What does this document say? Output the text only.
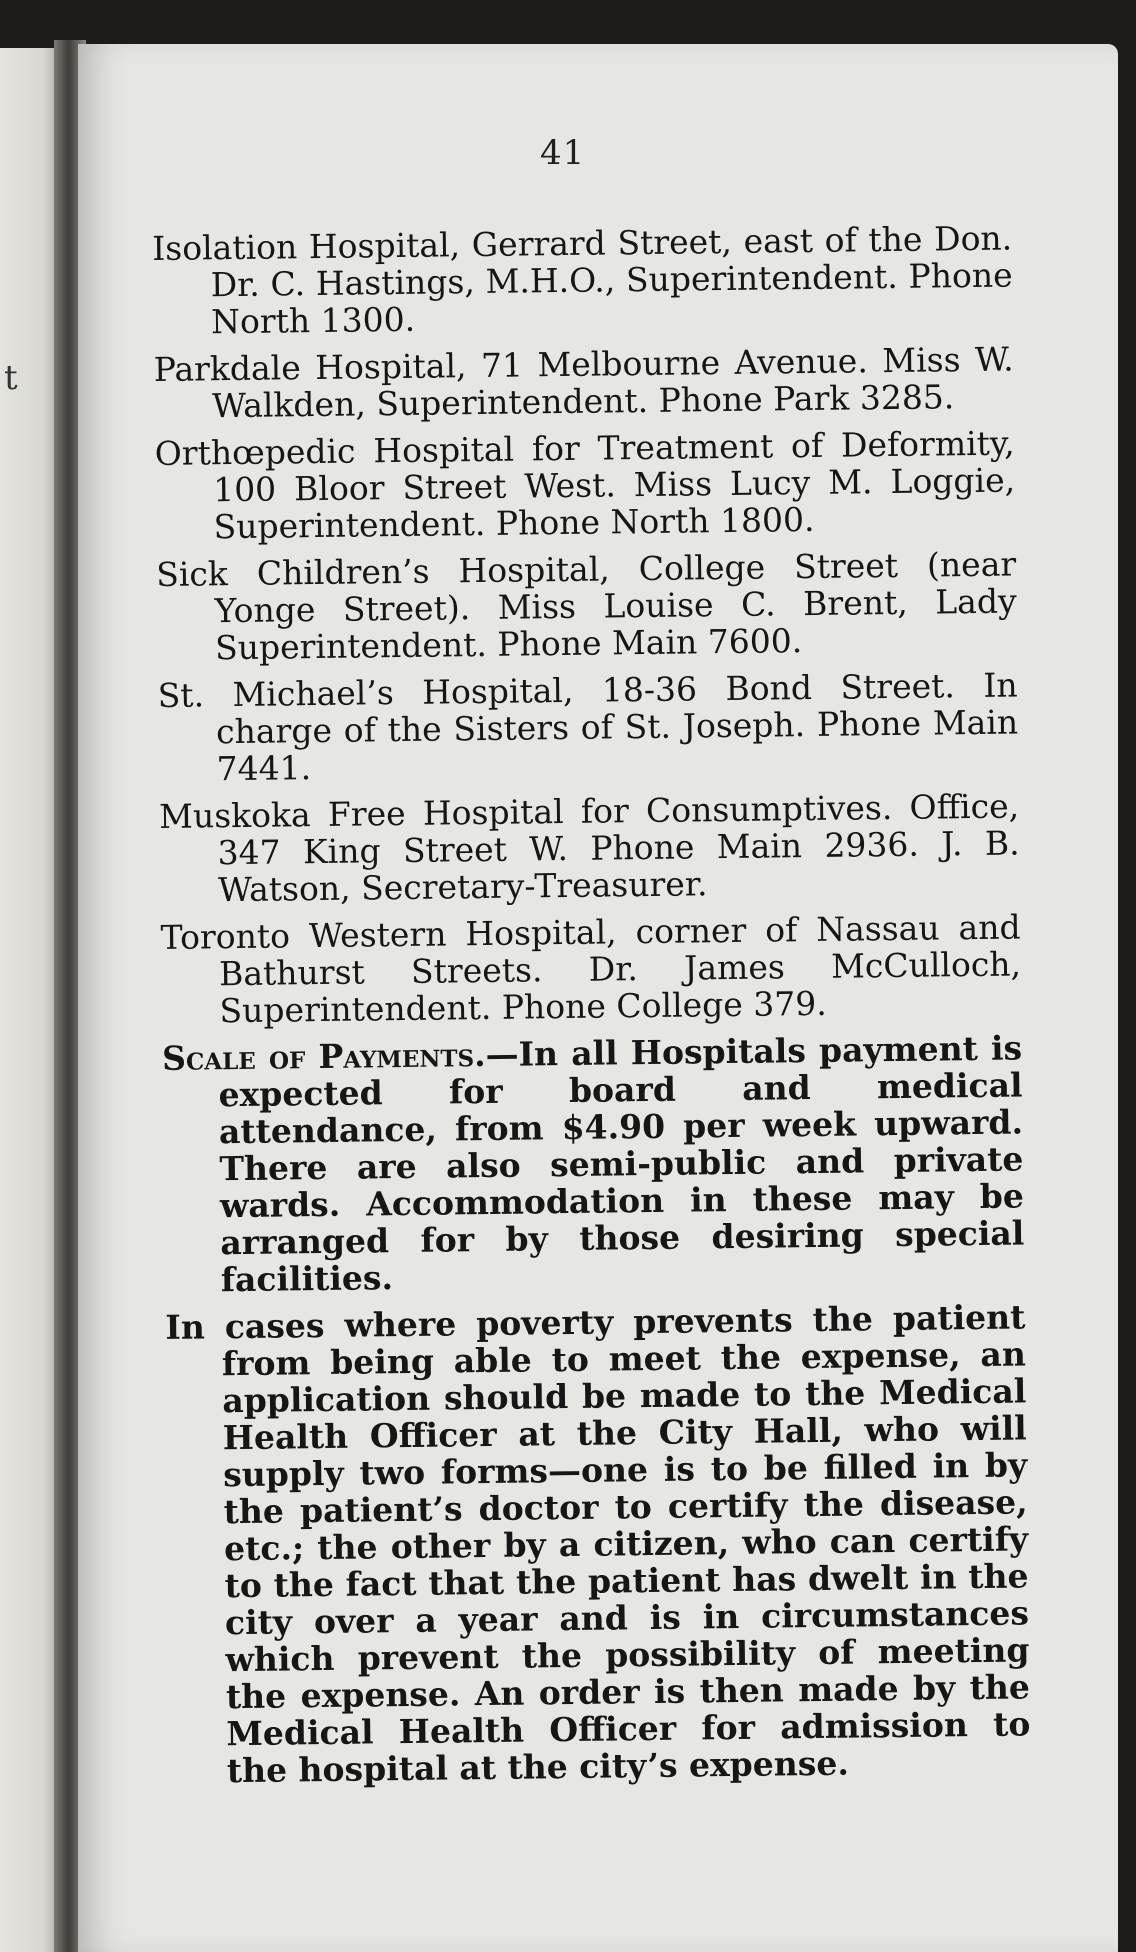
t
41

Isolation Hospital, Gerrard Street, east of the Don. Dr. C. Hastings, M.H.O., Superintendent. Phone North 1300.

Parkdale Hospital, 71 Melbourne Avenue. Miss W. Walkden, Superintendent. Phone Park 3285.

Orthœpedic Hospital for Treatment of Deformity, 100 Bloor Street West. Miss Lucy M. Loggie, Superintendent. Phone North 1800.

Sick Children’s Hospital, College Street (near Yonge Street). Miss Louise C. Brent, Lady Superintendent. Phone Main 7600.

St. Michael’s Hospital, 18-36 Bond Street. In charge of the Sisters of St. Joseph. Phone Main 7441.

Muskoka Free Hospital for Consumptives. Office, 347 King Street W. Phone Main 2936. J. B. Watson, Secretary-Treasurer.

Toronto Western Hospital, corner of Nassau and Bathurst Streets. Dr. James McCulloch, Superintendent. Phone College 379.

Scale of Payments.—In all Hospitals payment is expected for board and medical attendance, from $4.90 per week upward. There are also semi-public and private wards. Accommodation in these may be arranged for by those desiring special facilities.

In cases where poverty prevents the patient from being able to meet the expense, an application should be made to the Medical Health Officer at the City Hall, who will supply two forms—one is to be filled in by the patient’s doctor to certify the disease, etc.; the other by a citizen, who can certify to the fact that the patient has dwelt in the city over a year and is in circumstances which prevent the possibility of meeting the expense. An order is then made by the Medical Health Officer for admission to the hospital at the city’s expense.
